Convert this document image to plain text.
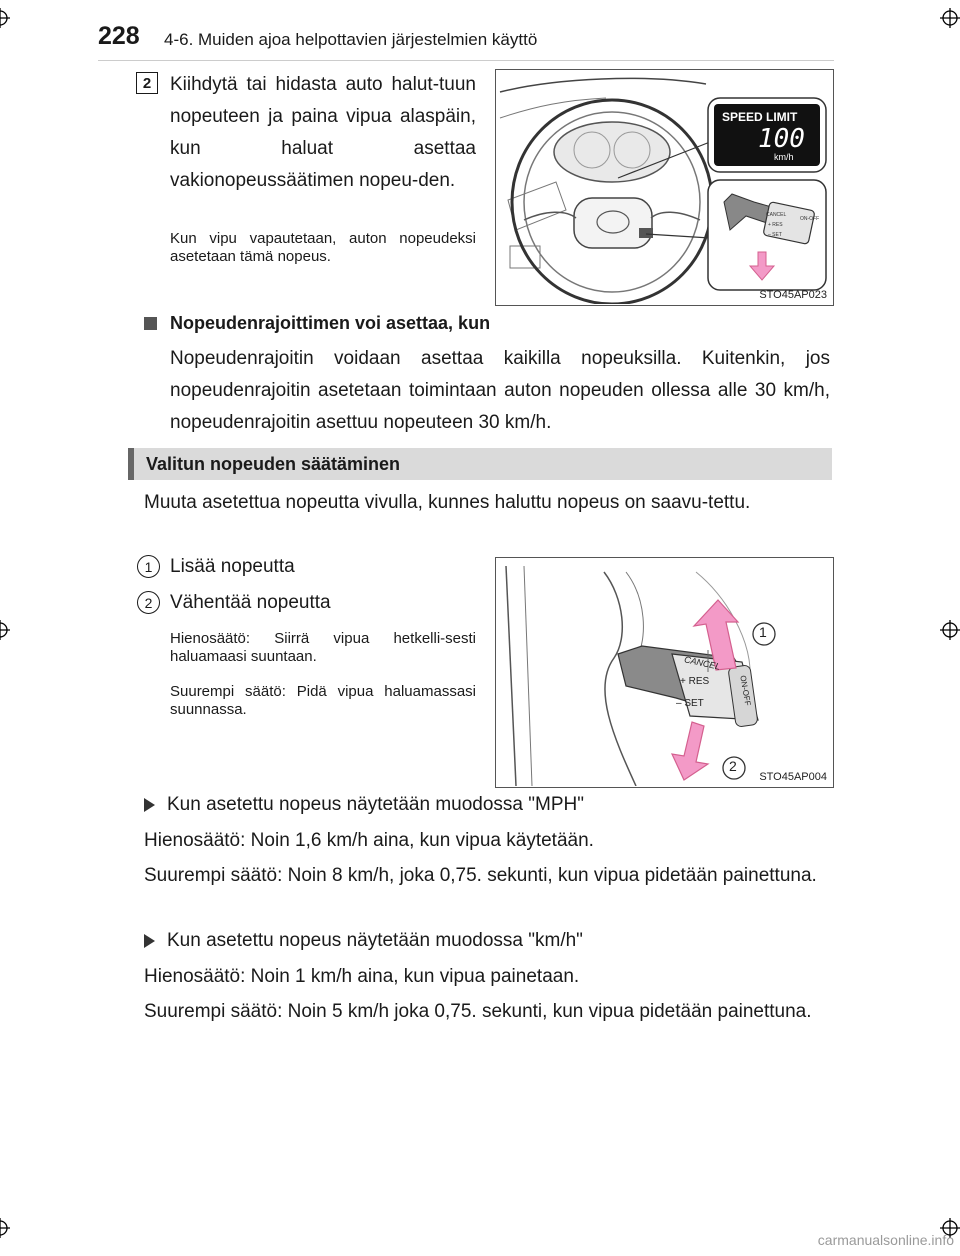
228 4-6. Muiden ajoa helpottavien järjestelmien käyttö
2 Kiihdytä tai hidasta auto halut-tuun nopeuteen ja paina vipua alaspäin, kun haluat asettaa vakionopeussäätimen nopeu-den.
Kun vipu vapautetaan, auton nopeudeksi asetetaan tämä nopeus.
SPEED LIMIT
100
km/h
CANCEL
+ RES
– SET
ON-OFF
STO45AP023
Nopeudenrajoittimen voi asettaa, kun
Nopeudenrajoitin voidaan asettaa kaikilla nopeuksilla. Kuitenkin, jos nopeudenrajoitin asetetaan toimintaan auton nopeuden ollessa alle 30 km/h, nopeudenrajoitin asettuu nopeuteen 30 km/h.
Valitun nopeuden säätäminen
Muuta asetettua nopeutta vivulla, kunnes haluttu nopeus on saavu-tettu.
1 Lisää nopeutta
2 Vähentää nopeutta
Hienosäätö: Siirrä vipua hetkelli-sesti haluamaasi suuntaan.
Suurempi säätö: Pidä vipua haluamassasi suunnassa.
CANCEL
+ RES
– SET	ON-OFF
1
2
STO45AP004
Kun asetettu nopeus näytetään muodossa "MPH"
Hienosäätö: Noin 1,6 km/h aina, kun vipua käytetään.
Suurempi säätö: Noin 8 km/h, joka 0,75. sekunti, kun vipua pidetään painettuna.
Kun asetettu nopeus näytetään muodossa "km/h"
Hienosäätö: Noin 1 km/h aina, kun vipua painetaan.
Suurempi säätö: Noin 5 km/h joka 0,75. sekunti, kun vipua pidetään painettuna.
carmanualsonline.info
